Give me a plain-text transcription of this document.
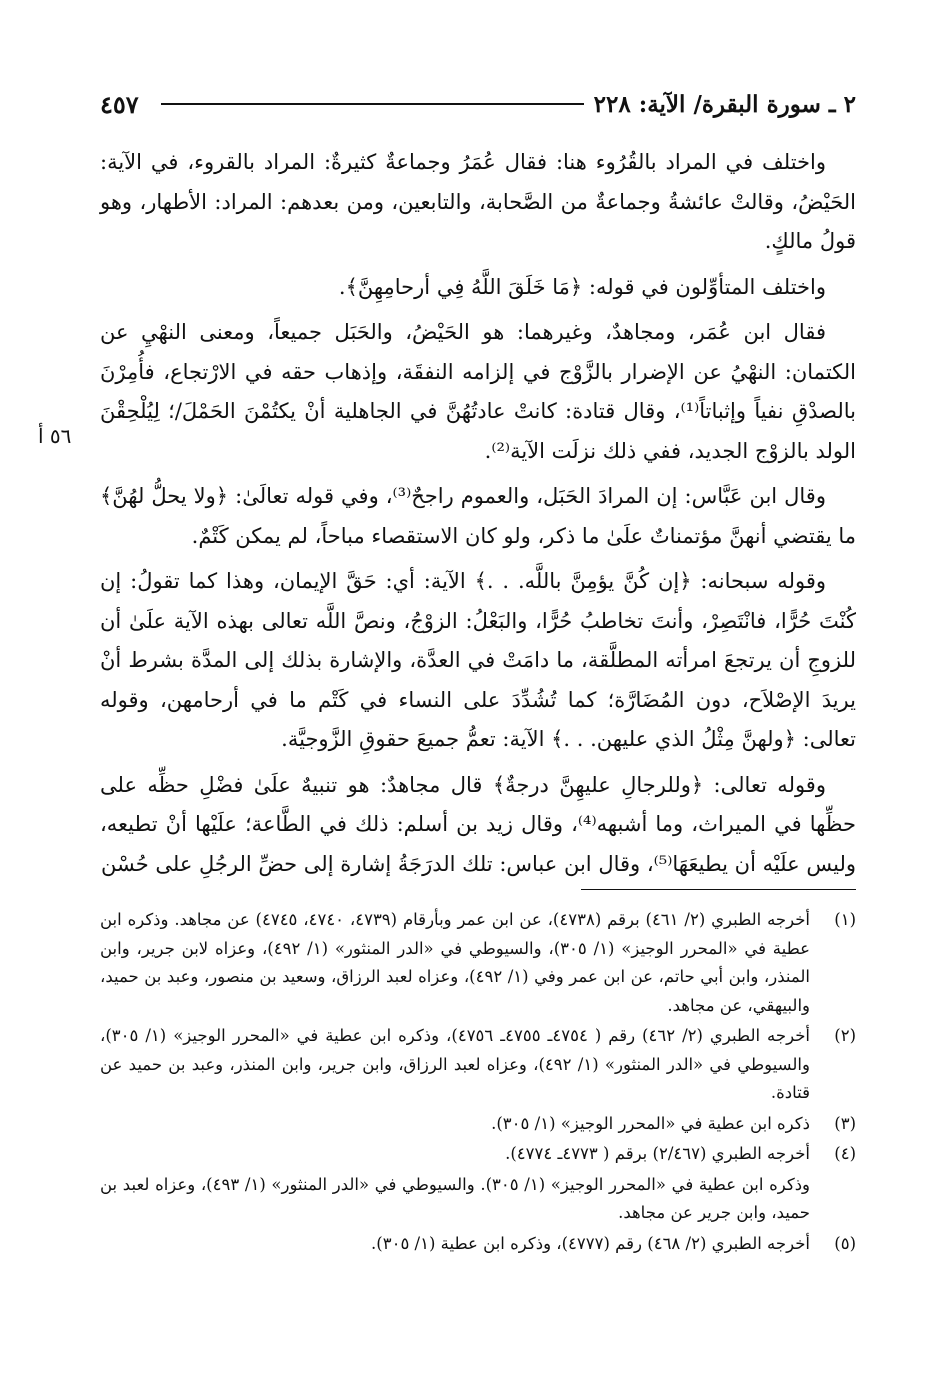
٤٥٧	٢ ـ سورة البقرة/ الآية: ٢٢٨
٥٦ أ

واختلف في المراد بالقُرُوء هنا: فقال عُمَرُ وجماعةٌ كثيرةٌ: المراد بالقروء، في الآية: الحَيْضُ، وقالتْ عائشةُ وجماعةٌ من الصَّحابة، والتابعين، ومن بعدهم: المراد: الأطهار، وهو قولُ مالكٍ.

واختلف المتأوِّلون في قوله: ﴿مَا خَلَقَ اللَّهُ فِي أرحامِهِنَّ﴾.

فقال ابن عُمَر، ومجاهدٌ، وغيرهما: هو الحَيْضُ، والحَبَل جميعاً، ومعنى النهْيِ عن الكتمان: النهْيُ عن الإضرار بالزَّوْج في إلزامه النفقَة، وإذهاب حقه في الارْتجاع، فأُمِرْنَ بالصدْقِ نفياً وإثباتاً⁽¹⁾، وقال قتادة: كانتْ عادتُهُنَّ في الجاهلية أنْ يكتُمْنَ الحَمْلَ/؛ لِيُلْحِقْنَ الولد بالزوْج الجديد، ففي ذلك نزلَت الآية⁽²⁾.

وقال ابن عَبَّاس: إن المرادَ الحَبَل، والعموم راجحٌ⁽³⁾، وفي قوله تعالَىٰ: ﴿ولا يحلُّ لهُنَّ﴾ ما يقتضي أنهنَّ مؤتمناتٌ علَىٰ ما ذكر، ولو كان الاستقصاء مباحاً، لم يمكن كَتْمٌ.

وقوله سبحانه: ﴿إن كُنَّ يؤمِنَّ باللَّه. . .﴾ الآية: أي: حَقَّ الإيمان، وهذا كما تقولُ: إن كُنْتَ حُرًّا، فانْتَصِرْ، وأنتَ تخاطبُ حُرًّا، والبَعْلُ: الزوْجُ، ونصَّ اللَّه تعالى بهذه الآية علَىٰ أن للزوجِ أن يرتجعَ امرأته المطلَّقة، ما دامَتْ في العدَّة، والإشارة بذلك إلى المدَّة بشرط أنْ يريدَ الإصْلاَح، دون المُضَارَّة؛ كما تُشُدِّدَ على النساء في كَتْم ما في أرحامهن، وقوله تعالى: ﴿ولهنَّ مِثْلُ الذي عليهن. . .﴾ الآية: تعمُّ جميعَ حقوقِ الزَّوجيَّة.

وقوله تعالى: ﴿وللرجالِ عليهِنَّ درجةٌ﴾ قال مجاهدٌ: هو تنبيهٌ علَىٰ فضْلِ حظِّه على حظِّها في الميراث، وما أشبهه⁽⁴⁾، وقال زيد بن أسلم: ذلك في الطَّاعة؛ علَيْها أنْ تطيعه، وليس علَيْه أن يطيعَهَا⁽⁵⁾، وقال ابن عباس: تلك الدرَجَةُ إشارة إلى حضِّ الرجُلِ على حُسْن

(١)
أخرجه الطبري (٢/ ٤٦١) برقم (٤٧٣٨)، عن ابن عمر وبأرقام (٤٧٣٩، ٤٧٤٠، ٤٧٤٥) عن مجاهد. وذكره ابن عطية في «المحرر الوجيز» (١/ ٣٠٥)، والسيوطي في «الدر المنثور» (١/ ٤٩٢)، وعزاه لابن جرير، وابن المنذر، وابن أبي حاتم، عن ابن عمر وفي (١/ ٤٩٢)، وعزاه لعبد الرزاق، وسعيد بن منصور، وعبد بن حميد، والبيهقي، عن مجاهد.
(٢)
أخرجه الطبري (٢/ ٤٦٢) رقم ( ٤٧٥٤ـ ٤٧٥٥ـ ٤٧٥٦)، وذكره ابن عطية في «المحرر الوجيز» (١/ ٣٠٥)، والسيوطي في «الدر المنثور» (١/ ٤٩٢)، وعزاه لعبد الرزاق، وابن جرير، وابن المنذر، وعبد بن حميد عن قتادة.
(٣)
ذكره ابن عطية في «المحرر الوجيز» (١/ ٣٠٥).
(٤)
أخرجه الطبري (٢/٤٦٧) برقم ( ٤٧٧٣ـ ٤٧٧٤).
وذكره ابن عطية في «المحرر الوجيز» (١/ ٣٠٥). والسيوطي في «الدر المنثور» (١/ ٤٩٣)، وعزاه لعبد بن حميد، وابن جرير عن مجاهد.
(٥)
أخرجه الطبري (٢/ ٤٦٨) رقم (٤٧٧٧)، وذكره ابن عطية (١/ ٣٠٥).
